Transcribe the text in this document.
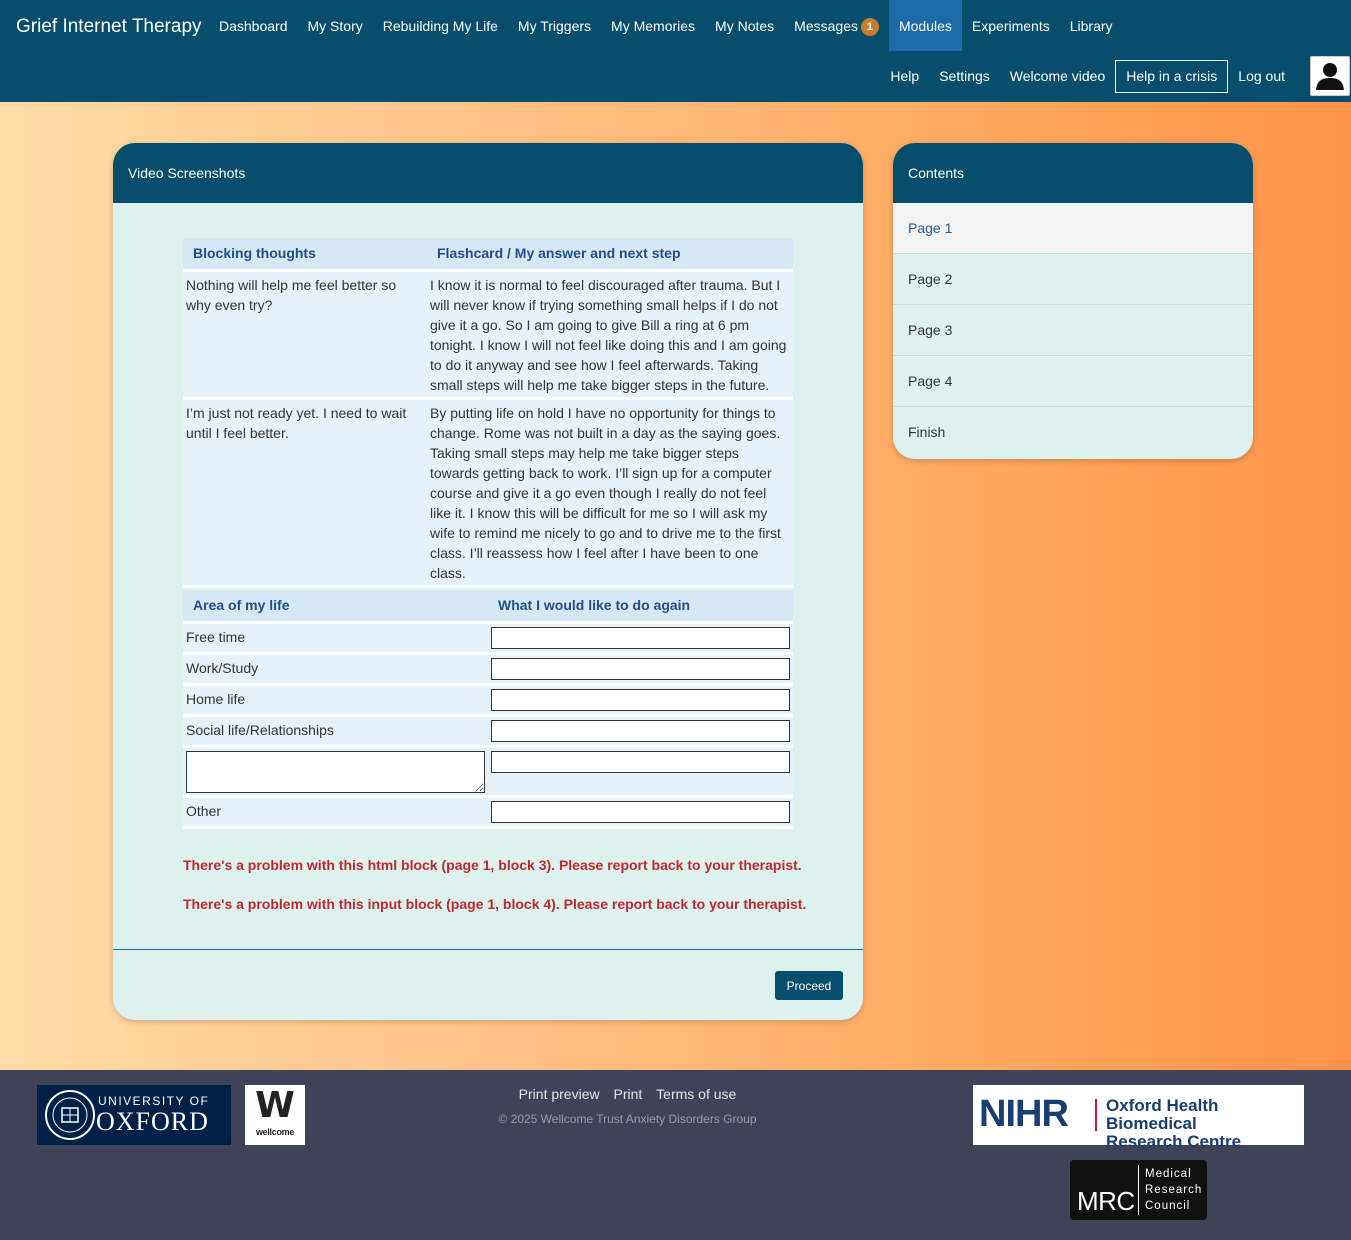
Grief Internet Therapy	Dashboard	My Story	Rebuilding My Life	My Triggers	My Memories	My Notes	Messages 1	Modules	Experiments	Library
Help	Settings	Welcome video	Help in a crisis	Log out
Video Screenshots
Blocking thoughts	Flashcard / My answer and next step
Nothing will help me feel better so why even try?	I know it is normal to feel discouraged after trauma. But I will never know if trying something small helps if I do not give it a go. So I am going to give Bill a ring at 6 pm tonight. I know I will not feel like doing this and I am going to do it anyway and see how I feel afterwards. Taking small steps will help me take bigger steps in the future.
I’m just not ready yet. I need to wait until I feel better.	By putting life on hold I have no opportunity for things to change. Rome was not built in a day as the saying goes. Taking small steps may help me take bigger steps towards getting back to work. I’ll sign up for a computer course and give it a go even though I really do not feel like it. I know this will be difficult for me so I will ask my wife to remind me nicely to go and to drive me to the first class. I’ll reassess how I feel after I have been to one class.
Area of my life	What I would like to do again
Free time	

Work/Study	

Home life	

Social life/Relationships	

Other	
There's a problem with this html block (page 1, block 3). Please report back to your therapist.
There's a problem with this input block (page 1, block 4). Please report back to your therapist.
Proceed
Contents
Page 1
Page 2
Page 3
Page 4
Finish
UNIVERSITY OF
OXFORD W
wellcome
Print preview Print Terms of use
© 2025 Wellcome Trust Anxiety Disorders Group	NIHR Oxford Health Biomedical
Research Centre
MRC
Medical
Research
Council
